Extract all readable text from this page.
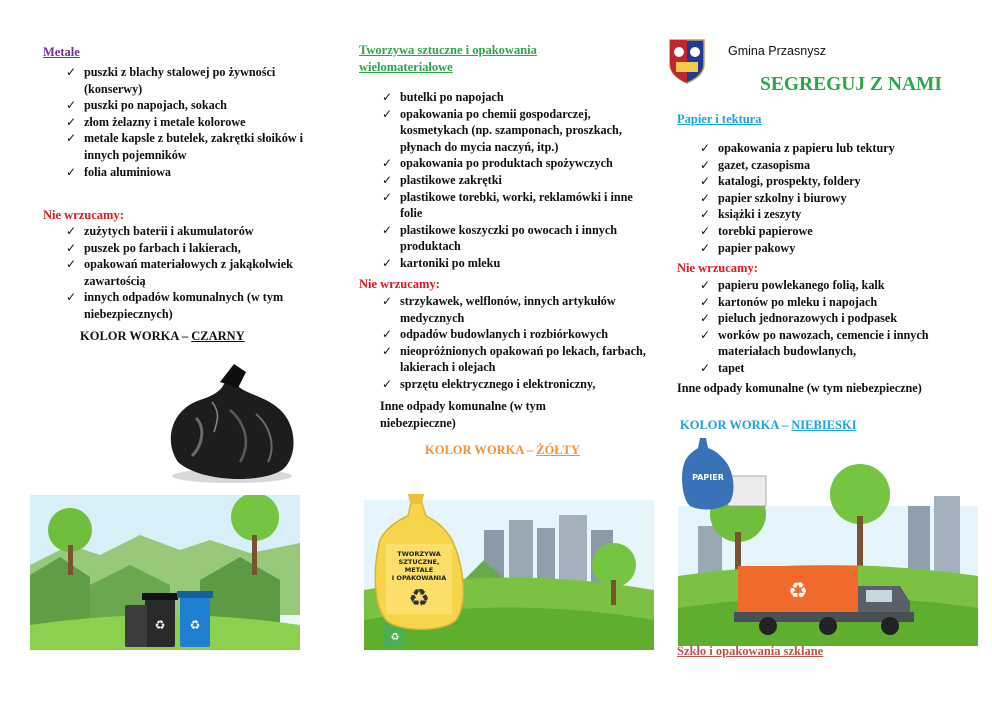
Metale
✓ puszki z blachy stalowej po żywności (konserwy)
✓ puszki po napojach, sokach
✓ złom żelazny i metale kolorowe
✓ metale kapsle z butelek, zakrętki słoików i innych pojemników
✓ folia aluminiowa
Nie wrzucamy:
✓ zużytych baterii i akumulatorów
✓ puszek po farbach i lakierach,
✓ opakowań materiałowych z jakąkolwiek zawartością
✓ innych odpadów komunalnych (w tym niebezpiecznych)
KOLOR WORKA – CZARNY
♻ ♻
Tworzywa sztuczne i opakowania wielomateriałowe
✓ butelki po napojach
✓ opakowania po chemii gospodarczej, kosmetykach (np. szamponach, proszkach, płynach do mycia naczyń, itp.)
✓ opakowania po produktach spożywczych
✓ plastikowe zakrętki
✓ plastikowe torebki, worki, reklamówki i inne folie
✓ plastikowe koszyczki po owocach i innych produktach
✓ kartoniki po mleku
Nie wrzucamy:
✓ strzykawek, welflonów, innych artykułów medycznych
✓ odpadów budowlanych i rozbiórkowych
✓ nieopróżnionych opakowań po lekach, farbach, lakierach i olejach
✓ sprzętu elektrycznego i elektroniczny,
Inne odpady komunalne (w tym niebezpieczne)
KOLOR WORKA – ŻÓŁTY
♻
TWORZYWA
SZTUCZNE,
METALE
I OPAKOWANIA
♻
Gmina Przasnysz
SEGREGUJ Z NAMI
Papier i tektura
✓ opakowania z papieru lub tektury
✓ gazet, czasopisma
✓ katalogi, prospekty, foldery
✓ papier szkolny i biurowy
✓ książki i zeszyty
✓ torebki papierowe
✓ papier pakowy
Nie wrzucamy:
✓ papieru powlekanego folią, kalk
✓ kartonów po mleku i napojach
✓ pieluch jednorazowych i podpasek
✓ worków po nawozach, cemencie i innych materiałach budowlanych,
✓ tapet
Inne odpady komunalne (w tym niebezpieczne)
KOLOR WORKA – NIEBIESKI
PAPIER
♻
Szkło i opakowania szklane
